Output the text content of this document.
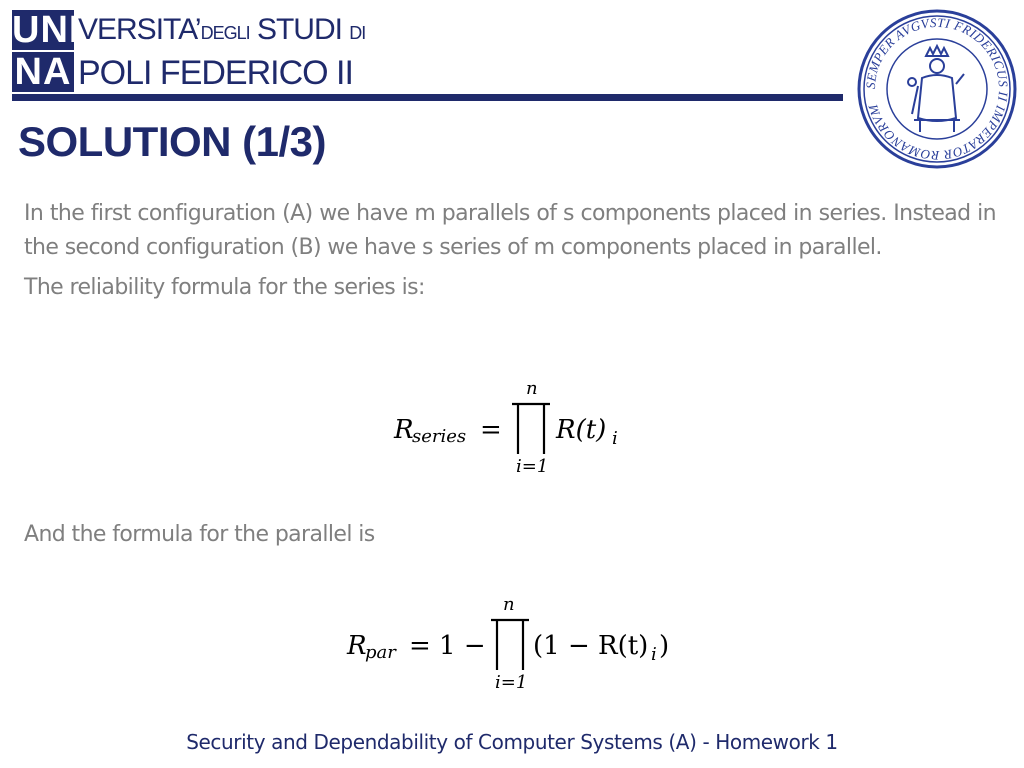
UNI
NA
VERSITA’DEGLI STUDI DI
POLI FEDERICO II	SEMPER AVGVSTI FRIDERICUS II IMPERATOR ROMANORVM
SOLUTION (1/3)

In the first configuration (A) we have m parallels of s components placed in series. Instead in the second configuration (B) we have s series of m components placed in parallel.

The reliability formula for the series is:

R
series =
n
i=1
R(t) i
And the formula for the parallel is
R
par = 1 −
n
i=1
(1 − R(t) i )
Security and Dependability of Computer Systems (A) - Homework 1
